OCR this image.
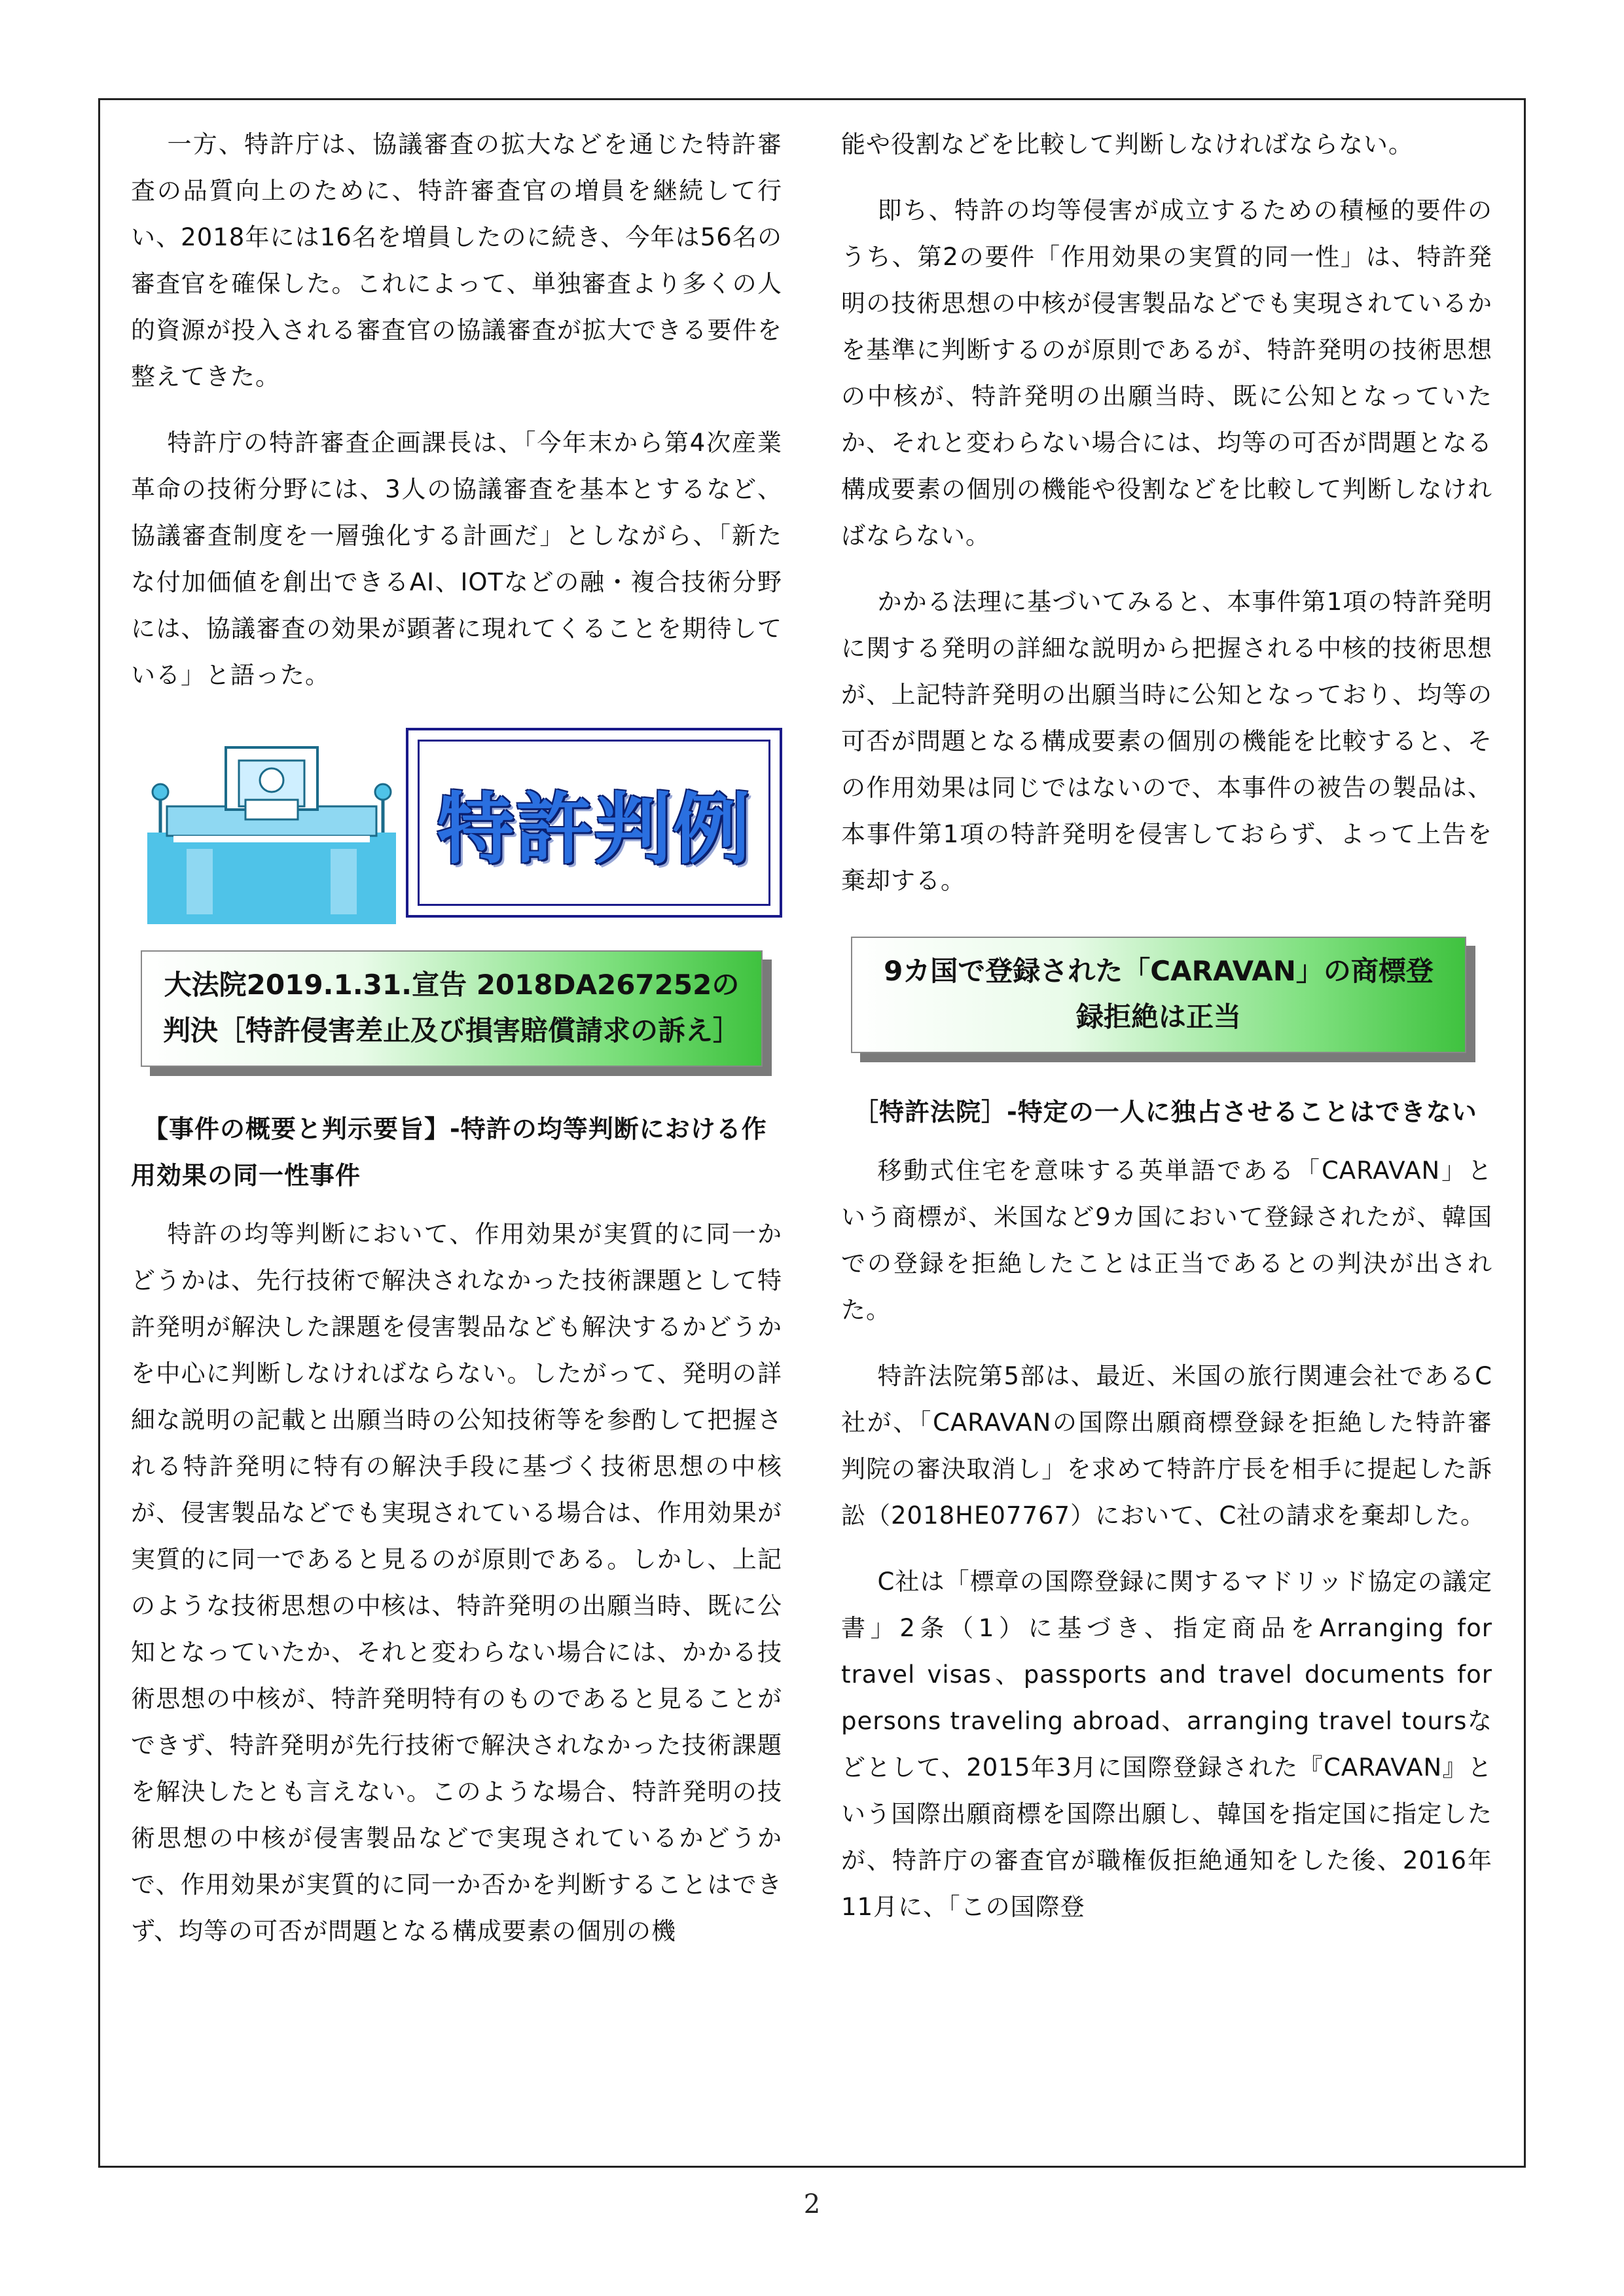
一方、特許庁は、協議審査の拡大などを通じた特許審査の品質向上のために、特許審査官の増員を継続して行い、2018年には16名を増員したのに続き、今年は56名の審査官を確保した。これによって、単独審査より多くの人的資源が投入される審査官の協議審査が拡大できる要件を整えてきた。

特許庁の特許審査企画課長は、「今年末から第4次産業革命の技術分野には、3人の協議審査を基本とするなど、協議審査制度を一層強化する計画だ」としながら、「新たな付加価値を創出できるAI、IOTなどの融・複合技術分野には、協議審査の効果が顕著に現れてくることを期待している」と語った。

特許判例

大法院2019.1.31.宣告 2018DA267252の判決［特許侵害差止及び損害賠償請求の訴え］

【事件の概要と判示要旨】-特許の均等判断における作用効果の同一性事件

特許の均等判断において、作用効果が実質的に同一かどうかは、先行技術で解決されなかった技術課題として特許発明が解決した課題を侵害製品なども解決するかどうかを中心に判断しなければならない。したがって、発明の詳細な説明の記載と出願当時の公知技術等を参酌して把握される特許発明に特有の解決手段に基づく技術思想の中核が、侵害製品などでも実現されている場合は、作用効果が実質的に同一であると見るのが原則である。しかし、上記のような技術思想の中核は、特許発明の出願当時、既に公知となっていたか、それと変わらない場合には、かかる技術思想の中核が、特許発明特有のものであると見ることができず、特許発明が先行技術で解決されなかった技術課題を解決したとも言えない。このような場合、特許発明の技術思想の中核が侵害製品などで実現されているかどうかで、作用効果が実質的に同一か否かを判断することはできず、均等の可否が問題となる構成要素の個別の機

能や役割などを比較して判断しなければならない。

即ち、特許の均等侵害が成立するための積極的要件のうち、第2の要件「作用効果の実質的同一性」は、特許発明の技術思想の中核が侵害製品などでも実現されているかを基準に判断するのが原則であるが、特許発明の技術思想の中核が、特許発明の出願当時、既に公知となっていたか、それと変わらない場合には、均等の可否が問題となる構成要素の個別の機能や役割などを比較して判断しなければならない。

かかる法理に基づいてみると、本事件第1項の特許発明に関する発明の詳細な説明から把握される中核的技術思想が、上記特許発明の出願当時に公知となっており、均等の可否が問題となる構成要素の個別の機能を比較すると、その作用効果は同じではないので、本事件の被告の製品は、本事件第1項の特許発明を侵害しておらず、よって上告を棄却する。

9カ国で登録された「CARAVAN」の商標登録拒絶は正当

［特許法院］-特定の一人に独占させることはできない

移動式住宅を意味する英単語である「CARAVAN」という商標が、米国など9カ国において登録されたが、韓国での登録を拒絶したことは正当であるとの判決が出された。

特許法院第5部は、最近、米国の旅行関連会社であるC社が、「CARAVANの国際出願商標登録を拒絶した特許審判院の審決取消し」を求めて特許庁長を相手に提起した訴訟（2018HE07767）において、C社の請求を棄却した。

C社は「標章の国際登録に関するマドリッド協定の議定書」2条（1）に基づき、指定商品をArranging for travel visas、passports and travel documents for persons traveling abroad、arranging travel toursなどとして、2015年3月に国際登録された『CARAVAN』という国際出願商標を国際出願し、韓国を指定国に指定したが、特許庁の審査官が職権仮拒絶通知をした後、2016年11月に、「この国際登

2
